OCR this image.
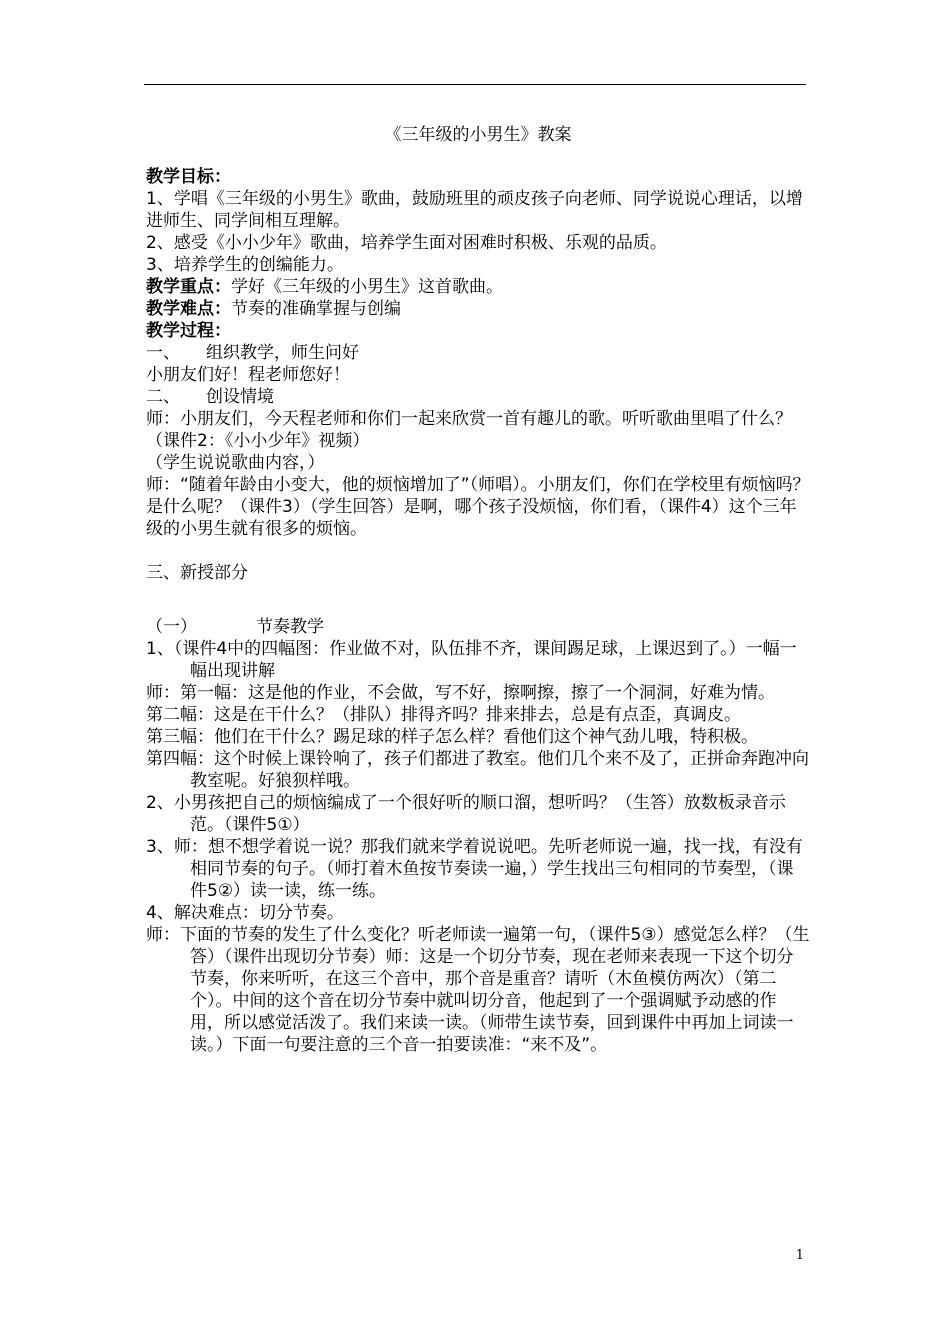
《三年级的小男生》教案

教学目标：

1、学唱《三年级的小男生》歌曲，鼓励班里的顽皮孩子向老师、同学说说心理话，以增进师生、同学间相互理解。

2、感受《小小少年》歌曲，培养学生面对困难时积极、乐观的品质。

3、培养学生的创编能力。

教学重点：学好《三年级的小男生》这首歌曲。

教学难点：节奏的准确掌握与创编

教学过程：

一、 组织教学，师生问好

小朋友们好！程老师您好！

二、 创设情境

师：小朋友们，今天程老师和你们一起来欣赏一首有趣儿的歌。听听歌曲里唱了什么？

（课件2：《小小少年》视频）

（学生说说歌曲内容，）

师：“随着年龄由小变大，他的烦恼增加了”（师唱）。小朋友们，你们在学校里有烦恼吗？是什么呢？（课件3）（学生回答）是啊，哪个孩子没烦恼，你们看，（课件4）这个三年级的小男生就有很多的烦恼。

三、新授部分

（一）	节奏教学

1、（课件4中的四幅图：作业做不对，队伍排不齐，课间踢足球，上课迟到了。）一幅一幅出现讲解

师：第一幅：这是他的作业，不会做，写不好，擦啊擦，擦了一个洞洞，好难为情。

第二幅：这是在干什么？（排队）排得齐吗？排来排去，总是有点歪，真调皮。

第三幅：他们在干什么？踢足球的样子怎么样？看他们这个神气劲儿哦，特积极。

第四幅：这个时候上课铃响了，孩子们都进了教室。他们几个来不及了，正拼命奔跑冲向教室呢。好狼狈样哦。

2、小男孩把自己的烦恼编成了一个很好听的顺口溜，想听吗？（生答）放数板录音示范。（课件5①）

3、师：想不想学着说一说？那我们就来学着说说吧。先听老师说一遍，找一找，有没有相同节奏的句子。（师打着木鱼按节奏读一遍，）学生找出三句相同的节奏型，（课件5②）读一读，练一练。

4、解决难点：切分节奏。

师：下面的节奏的发生了什么变化？听老师读一遍第一句，（课件5③）感觉怎么样？（生答）（课件出现切分节奏）师：这是一个切分节奏，现在老师来表现一下这个切分节奏，你来听听，在这三个音中，那个音是重音？请听（木鱼模仿两次）（第二个）。中间的这个音在切分节奏中就叫切分音，他起到了一个强调赋予动感的作用，所以感觉活泼了。我们来读一读。（师带生读节奏，回到课件中再加上词读一读。）下面一句要注意的三个音一拍要读准：“来不及”。

1
